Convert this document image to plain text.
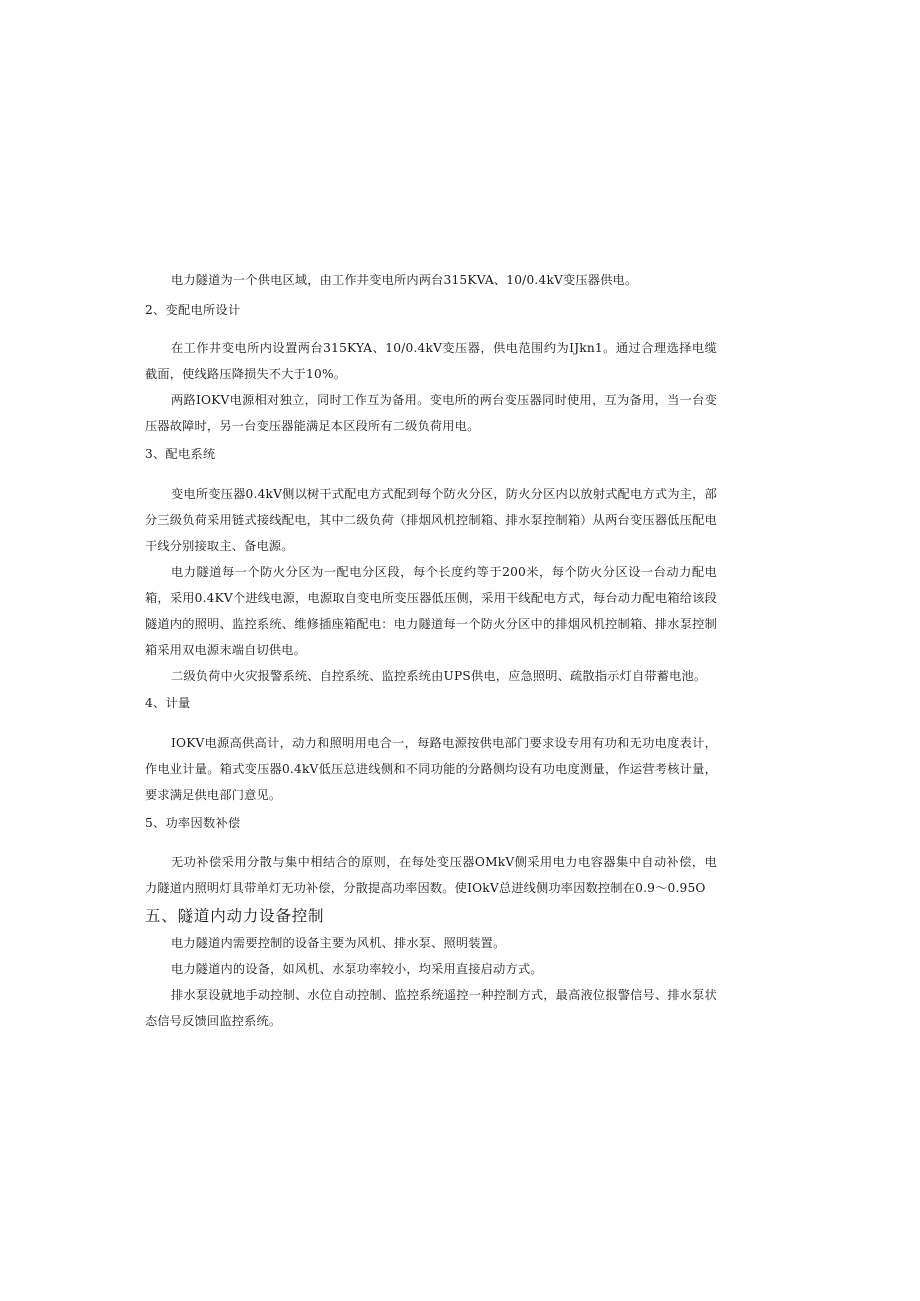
电力隧道为一个供电区域，由工作井变电所内两台315KVA、10/0.4kV变压器供电。
2、变配电所设计
在工作井变电所内设置两台315KYA、10/0.4kV变压器，供电范围约为IJkn1。通过合理选择电缆截面，使线路压降损失不大于10%。
两路IOKV电源相对独立，同时工作互为备用。变电所的两台变压器同时使用，互为备用，当一台变压器故障时，另一台变压器能满足本区段所有二级负荷用电。
3、配电系统
变电所变压器0.4kV侧以树干式配电方式配到每个防火分区，防火分区内以放射式配电方式为主，部分三级负荷采用链式接线配电，其中二级负荷（排烟风机控制箱、排水泵控制箱）从两台变压器低压配电干线分别接取主、备电源。
电力隧道每一个防火分区为一配电分区段，每个长度约等于200米，每个防火分区设一台动力配电箱，采用0.4KV个进线电源，电源取自变电所变压器低压侧，采用干线配电方式，每台动力配电箱给该段隧道内的照明、监控系统、维修插座箱配电：电力隧道每一个防火分区中的排烟风机控制箱、排水泵控制箱采用双电源末端自切供电。
二级负荷中火灾报警系统、自控系统、监控系统由UPS供电，应急照明、疏散指示灯自带蓄电池。
4、计量
IOKV电源高供高计，动力和照明用电合一，每路电源按供电部门要求设专用有功和无功电度表计，作电业计量。箱式变压器0.4kV低压总进线侧和不同功能的分路侧均设有功电度测量，作运营考核计量，要求满足供电部门意见。
5、功率因数补偿
无功补偿采用分散与集中相结合的原则，在每处变压器OMkV侧采用电力电容器集中自动补偿，电力隧道内照明灯具带单灯无功补偿，分散提高功率因数。使IOkV总进线侧功率因数控制在0.9〜0.95O
五、隧道内动力设备控制
电力隧道内需要控制的设备主要为风机、排水泵、照明装置。
电力隧道内的设备，如风机、水泵功率较小，均采用直接启动方式。
排水泵设就地手动控制、水位自动控制、监控系统遥控一种控制方式，最高液位报警信号、排水泵状态信号反馈回监控系统。
